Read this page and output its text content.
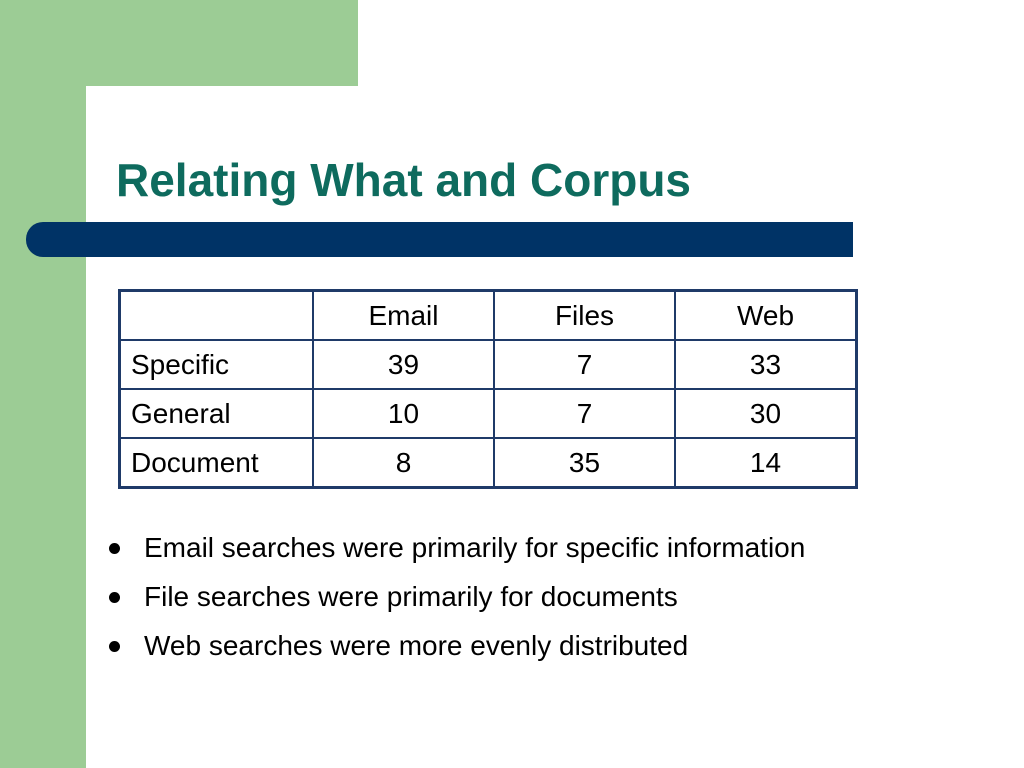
Relating What and Corpus
	Email	Files	Web
Specific	39	7	33
General	10	7	30
Document	8	35	14
Email searches were primarily for specific information
File searches were primarily for documents
Web searches were more evenly distributed
